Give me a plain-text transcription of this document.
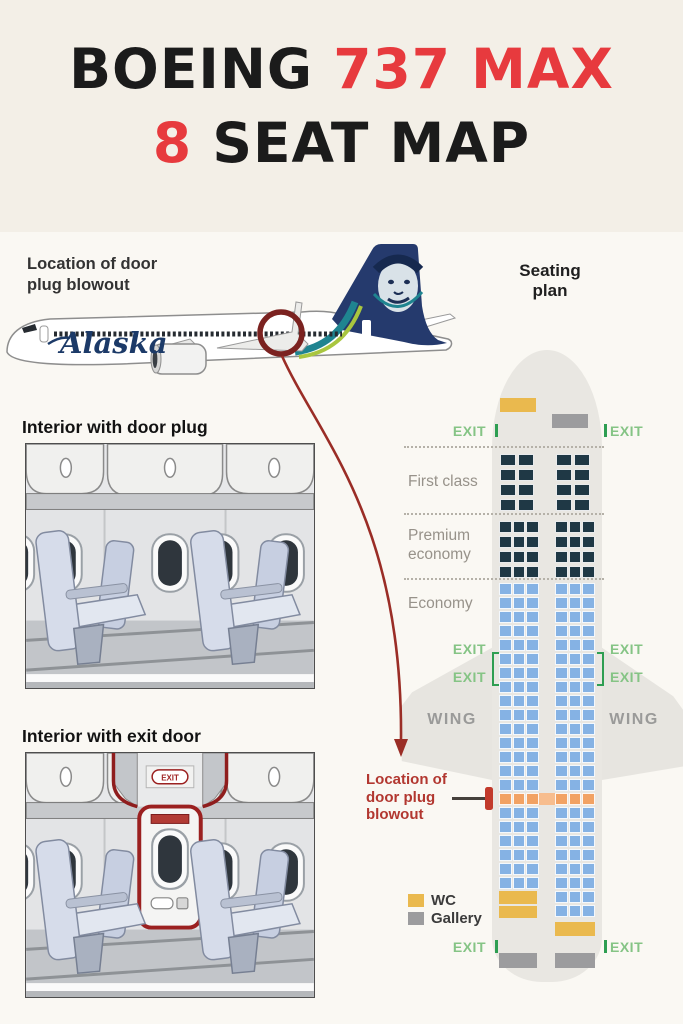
BOEING 737 MAX
8 SEAT MAP
Location of door
plug blowout
Alaska
Seating
plan
Interior with door plug
Interior with exit door
EXIT
EXIT	EXIT
EXIT	EXIT
EXIT	EXIT
EXIT	EXIT
First class
Premium
economy
Economy
WING	WING
Location of
door plug
blowout
WC
Gallery
